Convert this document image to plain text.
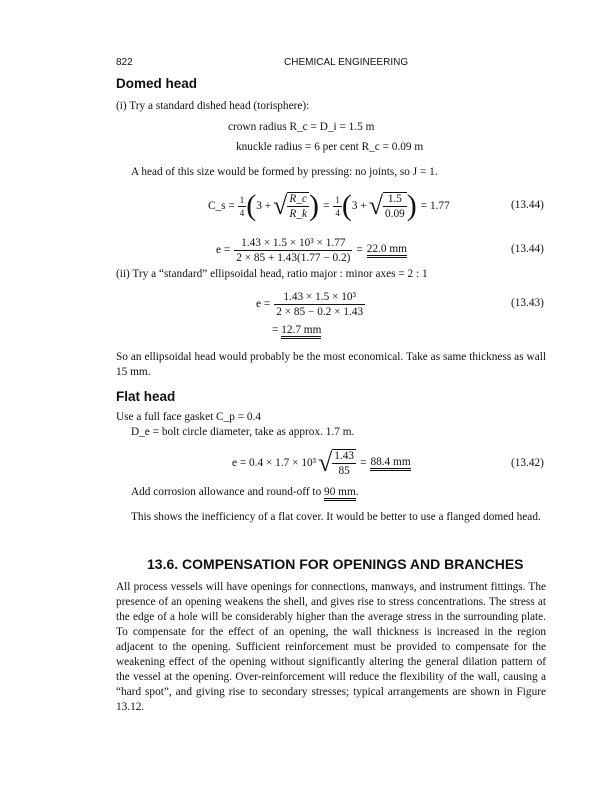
822	CHEMICAL ENGINEERING
Domed head
(i) Try a standard dished head (torisphere):
crown radius R_c = D_i = 1.5 m
knuckle radius = 6 per cent R_c = 0.09 m
A head of this size would be formed by pressing: no joints, so J = 1.
C_s = $\frac{1}{4}$ ( 3 + √ $\frac{R\_c}{R\_k}$ ) = $\frac{1}{4}$ ( 3 + √ $\frac{1.5}{0.09}$ ) = 1.77	(13.44)
$e = \frac{\text{1.43 × 1.5 × 10³ × 1.77}}{2 \times 85 + 1.43(1.77 - 0.2)} = 22.0$ mm	(13.44)
(ii) Try a “standard” ellipsoidal head, ratio major : minor axes = 2 : 1
$e = \frac{\text{1.43 × 1.5 × 10³}}{2 \times 85 - 0.2 \times 1.43}$	(13.43)
= 12.7 mm
So an ellipsoidal head would probably be the most economical. Take as same thickness as wall 15 mm.
Flat head
Use a full face gasket C_p = 0.4
D_e = bolt circle diameter, take as approx. 1.7 m.
e = 0.4 × 1.7 × 10³ √ $\frac{1.43}{85} = 88.4$ mm	(13.42)
Add corrosion allowance and round-off to 90 mm.
This shows the inefficiency of a flat cover. It would be better to use a flanged domed head.
13.6. COMPENSATION FOR OPENINGS AND BRANCHES
All process vessels will have openings for connections, manways, and instrument fittings. The presence of an opening weakens the shell, and gives rise to stress concentrations. The stress at the edge of a hole will be considerably higher than the average stress in the surrounding plate. To compensate for the effect of an opening, the wall thickness is increased in the region adjacent to the opening. Sufficient reinforcement must be provided to compensate for the weakening effect of the opening without significantly altering the general dilation pattern of the vessel at the opening. Over-reinforcement will reduce the flexibility of the wall, causing a “hard spot”, and giving rise to secondary stresses; typical arrangements are shown in Figure 13.12.
